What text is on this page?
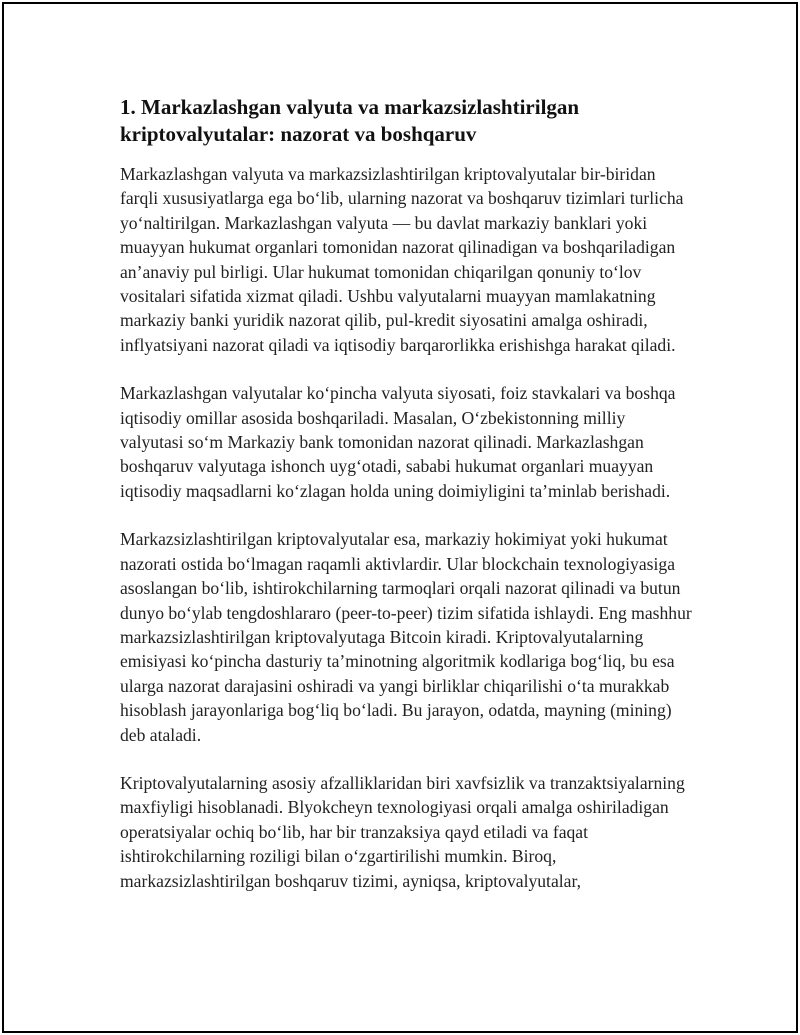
1. Markazlashgan valyuta va markazsizlashtirilgan kriptovalyutalar: nazorat va boshqaruv

Markazlashgan valyuta va markazsizlashtirilgan kriptovalyutalar bir-biridan farqli xususiyatlarga ega bo‘lib, ularning nazorat va boshqaruv tizimlari turlicha yo‘naltirilgan. Markazlashgan valyuta — bu davlat markaziy banklari yoki muayyan hukumat organlari tomonidan nazorat qilinadigan va boshqariladigan an’anaviy pul birligi. Ular hukumat tomonidan chiqarilgan qonuniy to‘lov vositalari sifatida xizmat qiladi. Ushbu valyutalarni muayyan mamlakatning markaziy banki yuridik nazorat qilib, pul-kredit siyosatini amalga oshiradi, inflyatsiyani nazorat qiladi va iqtisodiy barqarorlikka erishishga harakat qiladi.

Markazlashgan valyutalar ko‘pincha valyuta siyosati, foiz stavkalari va boshqa iqtisodiy omillar asosida boshqariladi. Masalan, O‘zbekistonning milliy valyutasi so‘m Markaziy bank tomonidan nazorat qilinadi. Markazlashgan boshqaruv valyutaga ishonch uyg‘otadi, sababi hukumat organlari muayyan iqtisodiy maqsadlarni ko‘zlagan holda uning doimiyligini ta’minlab berishadi.

Markazsizlashtirilgan kriptovalyutalar esa, markaziy hokimiyat yoki hukumat nazorati ostida bo‘lmagan raqamli aktivlardir. Ular blockchain texnologiyasiga asoslangan bo‘lib, ishtirokchilarning tarmoqlari orqali nazorat qilinadi va butun dunyo bo‘ylab tengdoshlararo (peer-to-peer) tizim sifatida ishlaydi. Eng mashhur markazsizlashtirilgan kriptovalyutaga Bitcoin kiradi. Kriptovalyutalarning emisiyasi ko‘pincha dasturiy ta’minotning algoritmik kodlariga bog‘liq, bu esa ularga nazorat darajasini oshiradi va yangi birliklar chiqarilishi o‘ta murakkab hisoblash jarayonlariga bog‘liq bo‘ladi. Bu jarayon, odatda, mayning (mining) deb ataladi.

Kriptovalyutalarning asosiy afzalliklaridan biri xavfsizlik va tranzaktsiyalarning maxfiyligi hisoblanadi. Blyokcheyn texnologiyasi orqali amalga oshiriladigan operatsiyalar ochiq bo‘lib, har bir tranzaksiya qayd etiladi va faqat ishtirokchilarning roziligi bilan o‘zgartirilishi mumkin. Biroq, markazsizlashtirilgan boshqaruv tizimi, ayniqsa, kriptovalyutalar,
